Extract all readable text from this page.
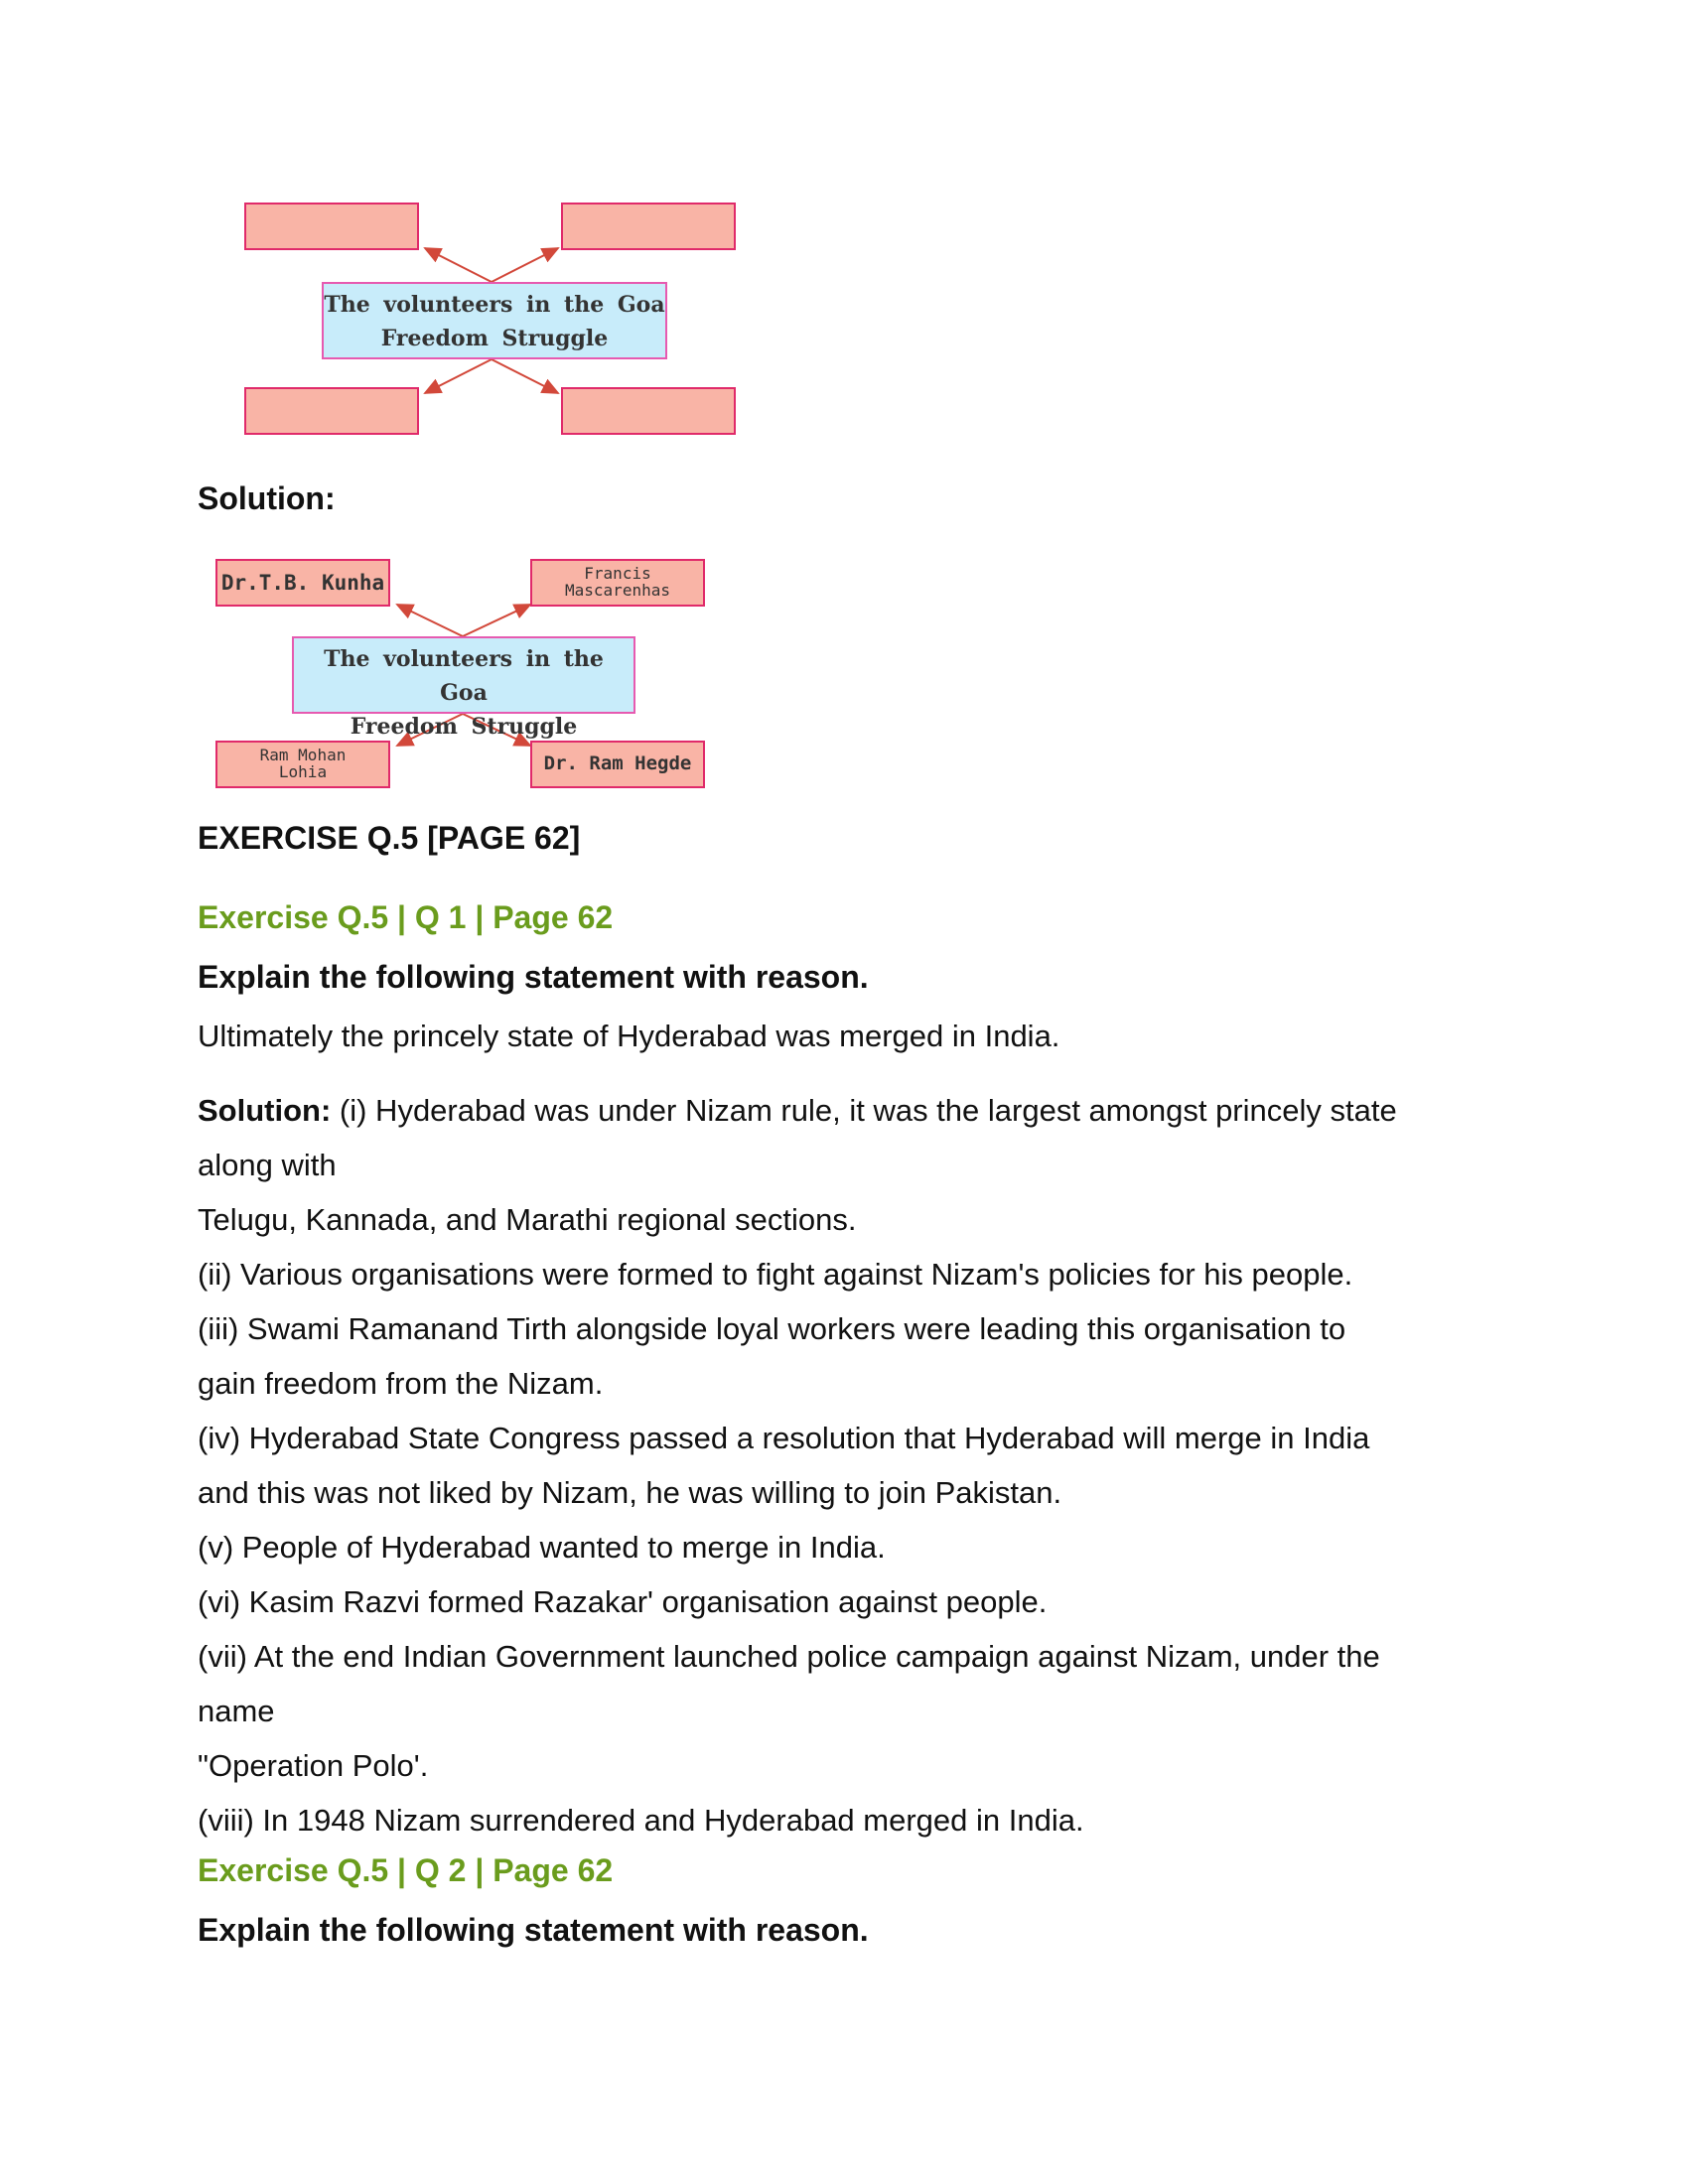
The volunteers in the Goa
Freedom Struggle
Solution:
Dr.T.B. Kunha	Francis
Mascarenhas
Ram Mohan
Lohia	Dr. Ram Hegde
The volunteers in the Goa
Freedom Struggle
EXERCISE Q.5 [PAGE 62]
Exercise Q.5 | Q 1 | Page 62
Explain the following statement with reason.
Ultimately the princely state of Hyderabad was merged in India.
Solution: (i) Hyderabad was under Nizam rule, it was the largest amongst princely state
along with
Telugu, Kannada, and Marathi regional sections.
(ii) Various organisations were formed to fight against Nizam's policies for his people.
(iii) Swami Ramanand Tirth alongside loyal workers were leading this organisation to
gain freedom from the Nizam.
(iv) Hyderabad State Congress passed a resolution that Hyderabad will merge in India
and this was not liked by Nizam, he was willing to join Pakistan.
(v) People of Hyderabad wanted to merge in India.
(vi) Kasim Razvi formed Razakar' organisation against people.
(vii) At the end Indian Government launched police campaign against Nizam, under the
name
"Operation Polo'.
(viii) In 1948 Nizam surrendered and Hyderabad merged in India.
Exercise Q.5 | Q 2 | Page 62
Explain the following statement with reason.
